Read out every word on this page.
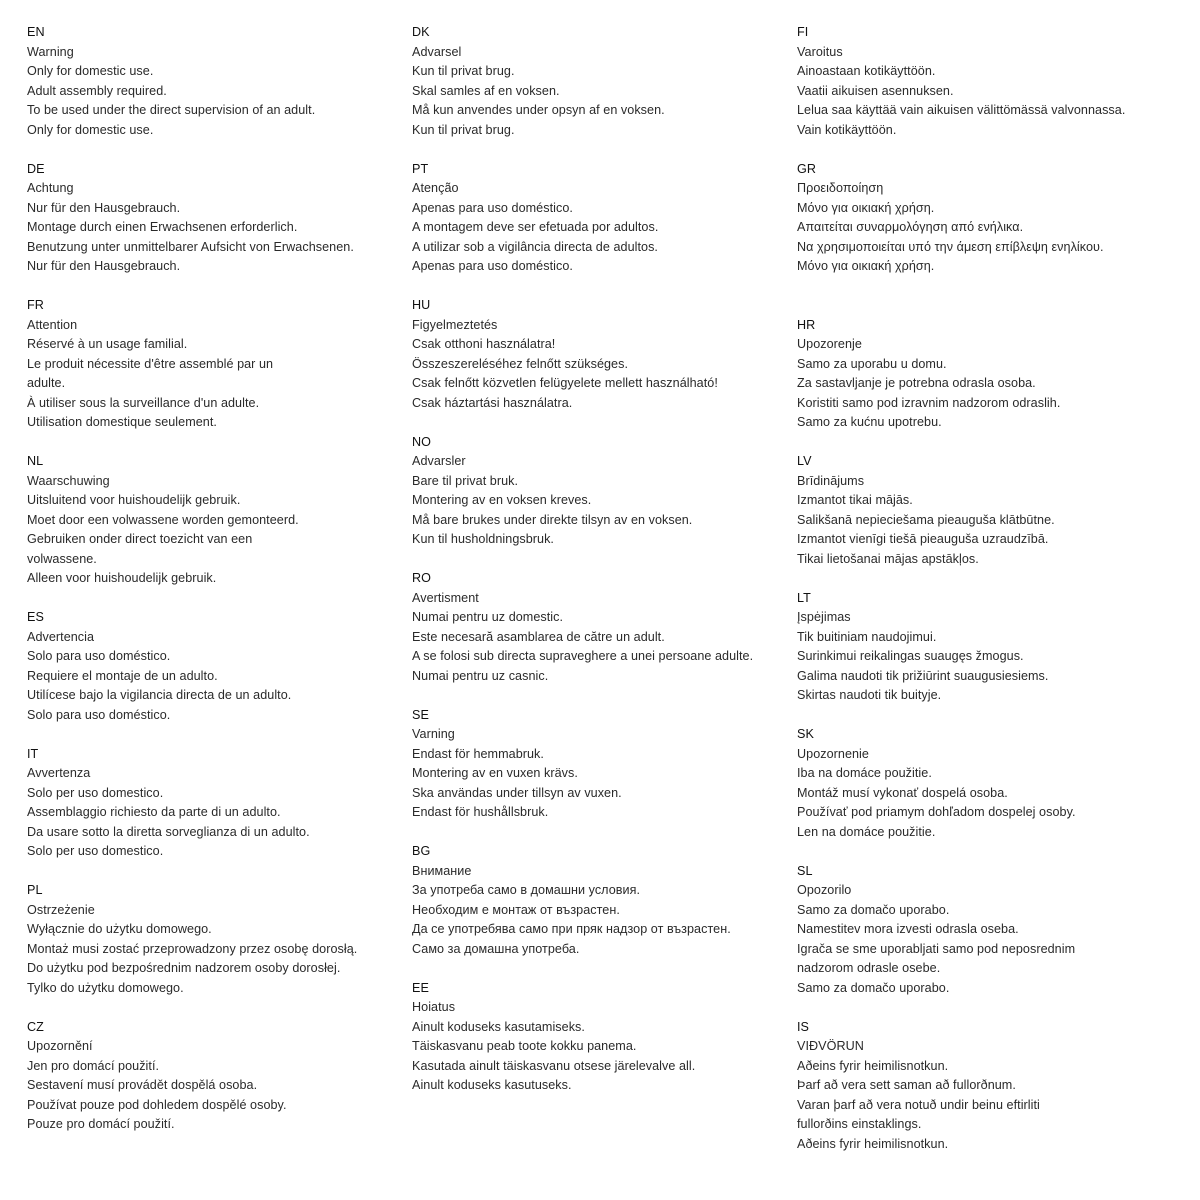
EN
Warning
Only for domestic use.
Adult assembly required.
To be used under the direct supervision of an adult.
Only for domestic use.
DE
Achtung
Nur für den Hausgebrauch.
Montage durch einen Erwachsenen erforderlich.
Benutzung unter unmittelbarer Aufsicht von Erwachsenen.
Nur für den Hausgebrauch.
FR
Attention
Réservé à un usage familial.
Le produit nécessite d'être assemblé par un
adulte.
À utiliser sous la surveillance d'un adulte.
Utilisation domestique seulement.
NL
Waarschuwing
Uitsluitend voor huishoudelijk gebruik.
Moet door een volwassene worden gemonteerd.
Gebruiken onder direct toezicht van een
volwassene.
Alleen voor huishoudelijk gebruik.
ES
Advertencia
Solo para uso doméstico.
Requiere el montaje de un adulto.
Utilícese bajo la vigilancia directa de un adulto.
Solo para uso doméstico.
IT
Avvertenza
Solo per uso domestico.
Assemblaggio richiesto da parte di un adulto.
Da usare sotto la diretta sorveglianza di un adulto.
Solo per uso domestico.
PL
Ostrzeżenie
Wyłącznie do użytku domowego.
Montaż musi zostać przeprowadzony przez osobę dorosłą.
Do użytku pod bezpośrednim nadzorem osoby dorosłej.
Tylko do użytku domowego.
CZ
Upozornění
Jen pro domácí použití.
Sestavení musí provádět dospělá osoba.
Používat pouze pod dohledem dospělé osoby.
Pouze pro domácí použití.
DK
Advarsel
Kun til privat brug.
Skal samles af en voksen.
Må kun anvendes under opsyn af en voksen.
Kun til privat brug.
PT
Atenção
Apenas para uso doméstico.
A montagem deve ser efetuada por adultos.
A utilizar sob a vigilância directa de adultos.
Apenas para uso doméstico.
HU
Figyelmeztetés
Csak otthoni használatra!
Összeszereléséhez felnőtt szükséges.
Csak felnőtt közvetlen felügyelete mellett használható!
Csak háztartási használatra.
NO
Advarsler
Bare til privat bruk.
Montering av en voksen kreves.
Må bare brukes under direkte tilsyn av en voksen.
Kun til husholdningsbruk.
RO
Avertisment
Numai pentru uz domestic.
Este necesară asamblarea de către un adult.
A se folosi sub directa supraveghere a unei persoane adulte.
Numai pentru uz casnic.
SE
Varning
Endast för hemmabruk.
Montering av en vuxen krävs.
Ska användas under tillsyn av vuxen.
Endast för hushållsbruk.
BG
Внимание
За употреба само в домашни условия.
Необходим е монтаж от възрастен.
Да се употребява само при пряк надзор от възрастен.
Само за домашна употреба.
EE
Hoiatus
Ainult koduseks kasutamiseks.
Täiskasvanu peab toote kokku panema.
Kasutada ainult täiskasvanu otsese järelevalve all.
Ainult koduseks kasutuseks.
FI
Varoitus
Ainoastaan kotikäyttöön.
Vaatii aikuisen asennuksen.
Lelua saa käyttää vain aikuisen välittömässä valvonnassa.
Vain kotikäyttöön.
GR
Προειδοποίηση
Μόνο για οικιακή χρήση.
Απαιτείται συναρμολόγηση από ενήλικα.
Να χρησιμοποιείται υπό την άμεση επίβλεψη ενηλίκου.
Μόνο για οικιακή χρήση.
HR
Upozorenje
Samo za uporabu u domu.
Za sastavljanje je potrebna odrasla osoba.
Koristiti samo pod izravnim nadzorom odraslih.
Samo za kućnu upotrebu.
LV
Brīdinājums
Izmantot tikai mājās.
Salikšanā nepieciešama pieauguša klātbūtne.
Izmantot vienīgi tiešā pieauguša uzraudzībā.
Tikai lietošanai mājas apstākļos.
LT
Įspėjimas
Tik buitiniam naudojimui.
Surinkimui reikalingas suaugęs žmogus.
Galima naudoti tik prižiūrint suaugusiesiems.
Skirtas naudoti tik buityje.
SK
Upozornenie
Iba na domáce použitie.
Montáž musí vykonať dospelá osoba.
Používať pod priamym dohľadom dospelej osoby.
Len na domáce použitie.
SL
Opozorilo
Samo za domačo uporabo.
Namestitev mora izvesti odrasla oseba.
Igrača se sme uporabljati samo pod neposrednim
nadzorom odrasle osebe.
Samo za domačo uporabo.
IS
VIÐVÖRUN
Aðeins fyrir heimilisnotkun.
Þarf að vera sett saman að fullorðnum.
Varan þarf að vera notuð undir beinu eftirliti
fullorðins einstaklings.
Aðeins fyrir heimilisnotkun.
